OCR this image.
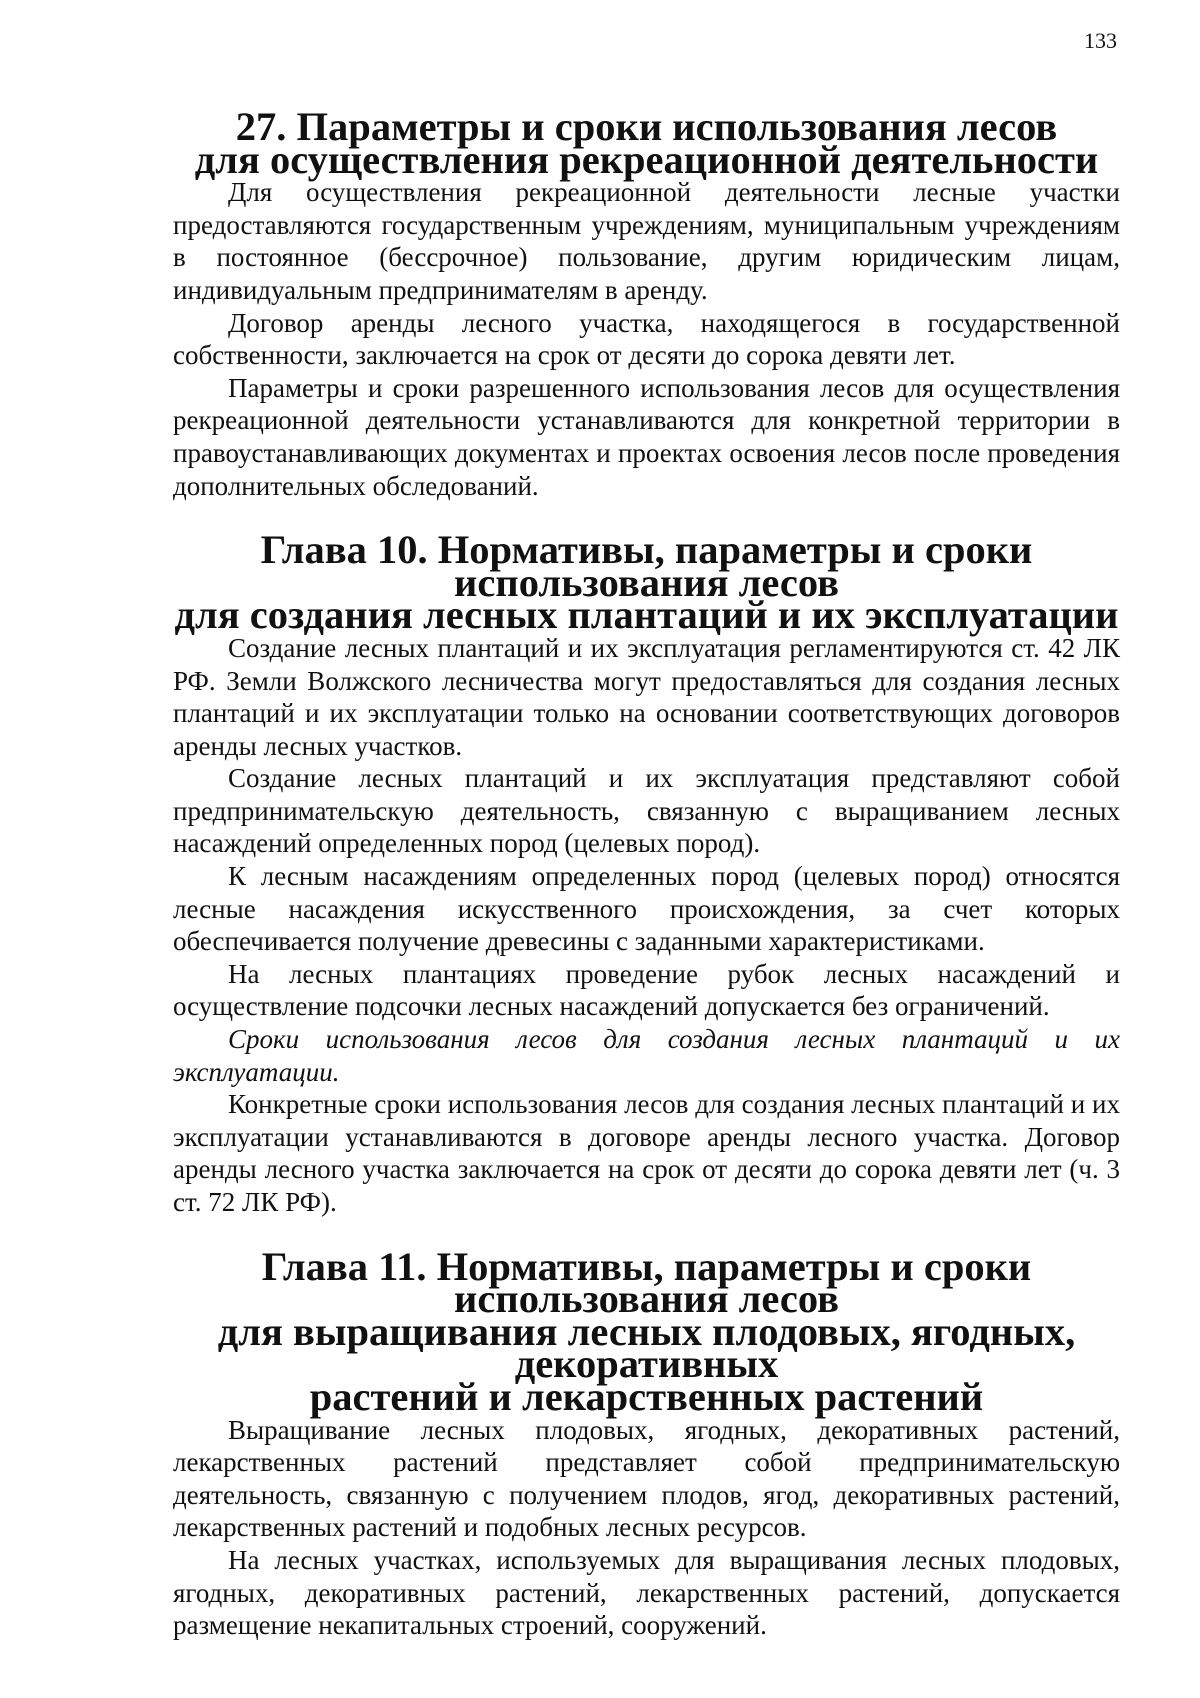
133
27. Параметры и сроки использования лесов
для осуществления рекреационной деятельности

Для осуществления рекреационной деятельности лесные участки предоставляются государственным учреждениям, муниципальным учреждениям в постоянное (бессрочное) пользование, другим юридическим лицам, индивидуальным предпринимателям в аренду.

Договор аренды лесного участка, находящегося в государственной собственности, заключается на срок от десяти до сорока девяти лет.

Параметры и сроки разрешенного использования лесов для осуществления рекреационной деятельности устанавливаются для конкретной территории в правоустанавливающих документах и проектах освоения лесов после проведения дополнительных обследований.

Глава 10. Нормативы, параметры и сроки использования лесов
для создания лесных плантаций и их эксплуатации

Создание лесных плантаций и их эксплуатация регламентируются ст. 42 ЛК РФ. Земли Волжского лесничества могут предоставляться для создания лесных плантаций и их эксплуатации только на основании соответствующих договоров аренды лесных участков.

Создание лесных плантаций и их эксплуатация представляют собой предпринимательскую деятельность, связанную с выращиванием лесных насаждений определенных пород (целевых пород).

К лесным насаждениям определенных пород (целевых пород) относятся лесные насаждения искусственного происхождения, за счет которых обеспечивается получение древесины с заданными характеристиками.

На лесных плантациях проведение рубок лесных насаждений и осуществление подсочки лесных насаждений допускается без ограничений.

Сроки использования лесов для создания лесных плантаций и их эксплуатации.

Конкретные сроки использования лесов для создания лесных плантаций и их эксплуатации устанавливаются в договоре аренды лесного участка. Договор аренды лесного участка заключается на срок от десяти до сорока девяти лет (ч. 3 ст. 72 ЛК РФ).

Глава 11. Нормативы, параметры и сроки использования лесов
для выращивания лесных плодовых, ягодных, декоративных
растений и лекарственных растений

Выращивание лесных плодовых, ягодных, декоративных растений, лекарственных растений представляет собой предпринимательскую деятельность, связанную с получением плодов, ягод, декоративных растений, лекарственных растений и подобных лесных ресурсов.

На лесных участках, используемых для выращивания лесных плодовых, ягодных, декоративных растений, лекарственных растений, допускается размещение некапитальных строений, сооружений.
